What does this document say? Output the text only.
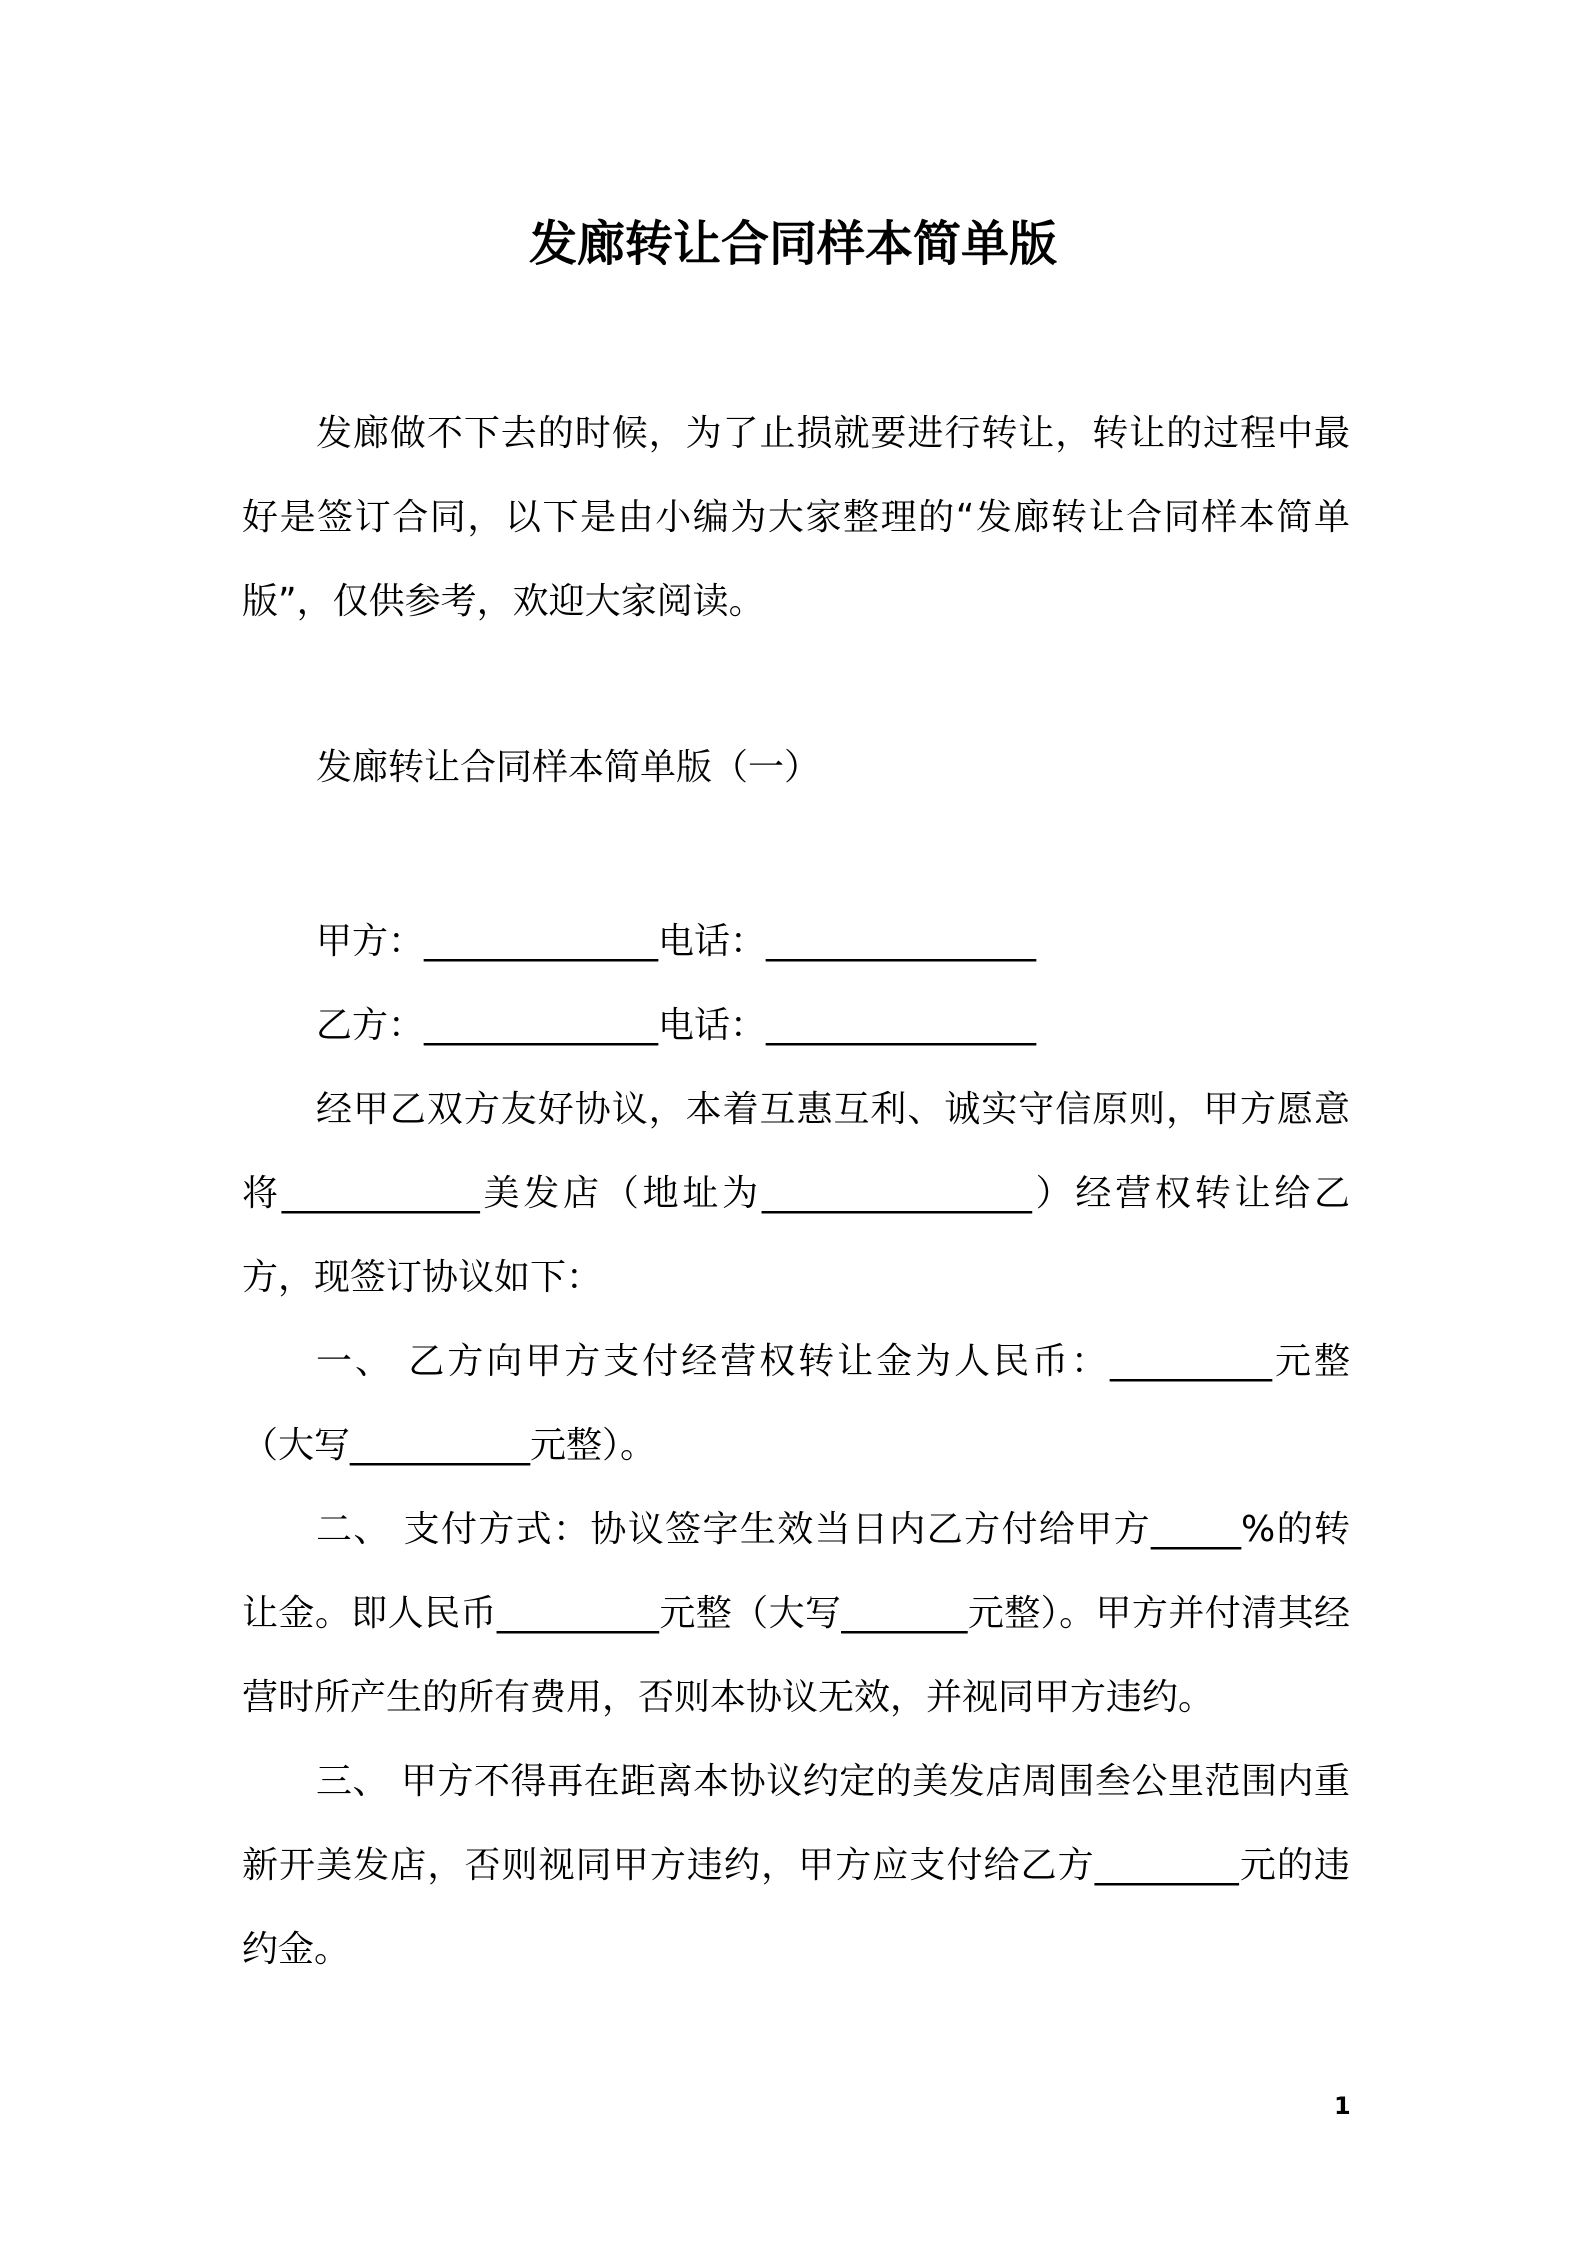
发廊转让合同样本简单版

发廊做不下去的时候，为了止损就要进行转让，转让的过程中最好是签订合同，以下是由小编为大家整理的“发廊转让合同样本简单版”，仅供参考，欢迎大家阅读。

发廊转让合同样本简单版（一）

甲方：_____________电话：_______________

乙方：_____________电话：_______________

经甲乙双方友好协议，本着互惠互利、诚实守信原则，甲方愿意将___________美发店（地址为_______________）经营权转让给乙方，现签订协议如下：

一、 乙方向甲方支付经营权转让金为人民币：_________元整（大写__________元整）。

二、 支付方式：协议签字生效当日内乙方付给甲方_____%的转让金。即人民币_________元整（大写_______元整）。甲方并付清其经营时所产生的所有费用，否则本协议无效，并视同甲方违约。

三、 甲方不得再在距离本协议约定的美发店周围叁公里范围内重新开美发店，否则视同甲方违约，甲方应支付给乙方________元的违约金。

1
